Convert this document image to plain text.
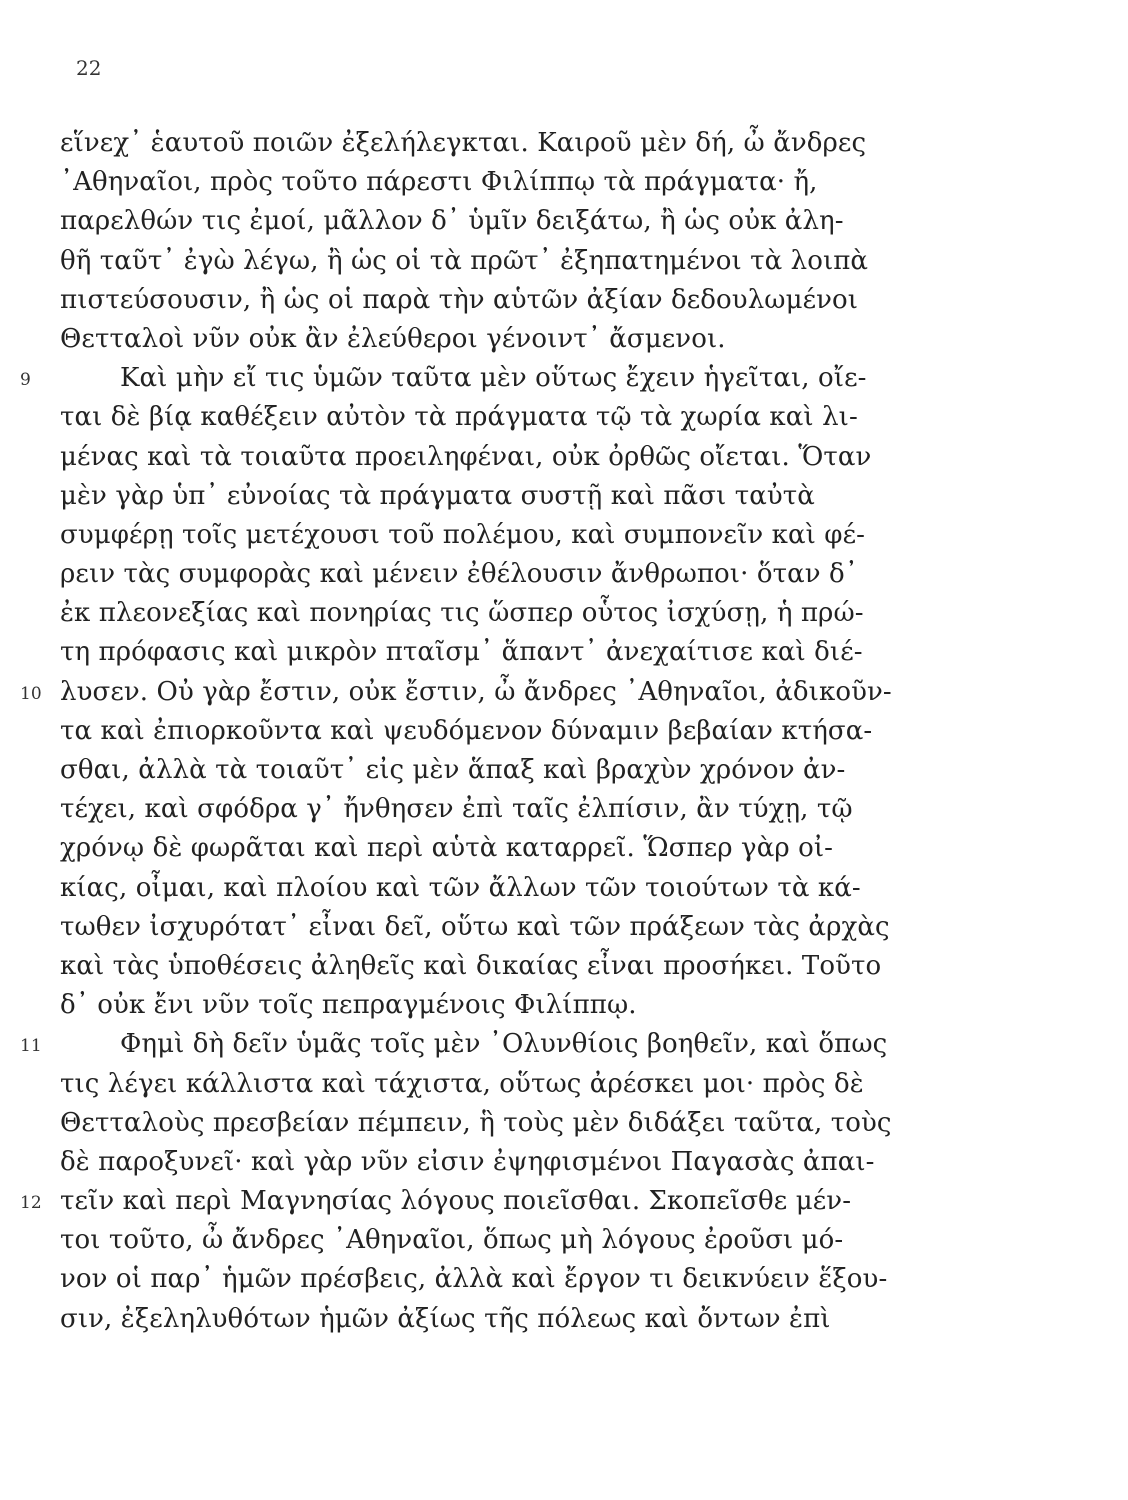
22
εἵνεχ᾽ ἑαυτοῦ ποιῶν ἐξελήλεγκται. Καιροῦ μὲν δή, ὦ ἄνδρες
᾽Αθηναῖοι, πρὸς τοῦτο πάρεστι Φιλίππῳ τὰ πράγματα· ἤ,
παρελθών τις ἐμοί, μᾶλλον δ᾽ ὑμῖν δειξάτω, ἢ ὡς οὐκ ἀλη-
θῆ ταῦτ᾽ ἐγὼ λέγω, ἢ ὡς οἱ τὰ πρῶτ᾽ ἐξηπατημένοι τὰ λοιπὰ
πιστεύσουσιν, ἢ ὡς οἱ παρὰ τὴν αὑτῶν ἀξίαν δεδουλωμένοι
Θετταλοὶ νῦν οὐκ ἂν ἐλεύθεροι γένοιντ᾽ ἄσμενοι.
9	Καὶ μὴν εἴ τις ὑμῶν ταῦτα μὲν οὕτως ἔχειν ἡγεῖται, οἴε-
ται δὲ βίᾳ καθέξειν αὐτὸν τὰ πράγματα τῷ τὰ χωρία καὶ λι-
μένας καὶ τὰ τοιαῦτα προειληφέναι, οὐκ ὀρθῶς οἴεται. Ὅταν
μὲν γὰρ ὑπ᾽ εὐνοίας τὰ πράγματα συστῇ καὶ πᾶσι ταὐτὰ
συμφέρῃ τοῖς μετέχουσι τοῦ πολέμου, καὶ συμπονεῖν καὶ φέ-
ρειν τὰς συμφορὰς καὶ μένειν ἐθέλουσιν ἄνθρωποι· ὅταν δ᾽
ἐκ πλεονεξίας καὶ πονηρίας τις ὥσπερ οὗτος ἰσχύσῃ, ἡ πρώ-
τη πρόφασις καὶ μικρὸν πταῖσμ᾽ ἅπαντ᾽ ἀνεχαίτισε καὶ διέ-
10 λυσεν. Οὐ γὰρ ἔστιν, οὐκ ἔστιν, ὦ ἄνδρες ᾽Αθηναῖοι, ἀδικοῦν-
τα καὶ ἐπιορκοῦντα καὶ ψευδόμενον δύναμιν βεβαίαν κτήσα-
σθαι, ἀλλὰ τὰ τοιαῦτ᾽ εἰς μὲν ἅπαξ καὶ βραχὺν χρόνον ἀν-
τέχει, καὶ σφόδρα γ᾽ ἤνθησεν ἐπὶ ταῖς ἐλπίσιν, ἂν τύχῃ, τῷ
χρόνῳ δὲ φωρᾶται καὶ περὶ αὑτὰ καταρρεῖ. Ὥσπερ γὰρ οἰ-
κίας, οἶμαι, καὶ πλοίου καὶ τῶν ἄλλων τῶν τοιούτων τὰ κά-
τωθεν ἰσχυρότατ᾽ εἶναι δεῖ, οὕτω καὶ τῶν πράξεων τὰς ἀρχὰς
καὶ τὰς ὑποθέσεις ἀληθεῖς καὶ δικαίας εἶναι προσήκει. Τοῦτο
δ᾽ οὐκ ἔνι νῦν τοῖς πεπραγμένοις Φιλίππῳ.
11	Φημὶ δὴ δεῖν ὑμᾶς τοῖς μὲν ᾽Ολυνθίοις βοηθεῖν, καὶ ὅπως
τις λέγει κάλλιστα καὶ τάχιστα, οὕτως ἀρέσκει μοι· πρὸς δὲ
Θετταλοὺς πρεσβείαν πέμπειν, ἣ τοὺς μὲν διδάξει ταῦτα, τοὺς
δὲ παροξυνεῖ· καὶ γὰρ νῦν εἰσιν ἐψηφισμένοι Παγασὰς ἀπαι-
12 τεῖν καὶ περὶ Μαγνησίας λόγους ποιεῖσθαι. Σκοπεῖσθε μέν-
τοι τοῦτο, ὦ ἄνδρες ᾽Αθηναῖοι, ὅπως μὴ λόγους ἐροῦσι μό-
νον οἱ παρ᾽ ἡμῶν πρέσβεις, ἀλλὰ καὶ ἔργον τι δεικνύειν ἕξου-
σιν, ἐξεληλυθότων ἡμῶν ἀξίως τῆς πόλεως καὶ ὄντων ἐπὶ
